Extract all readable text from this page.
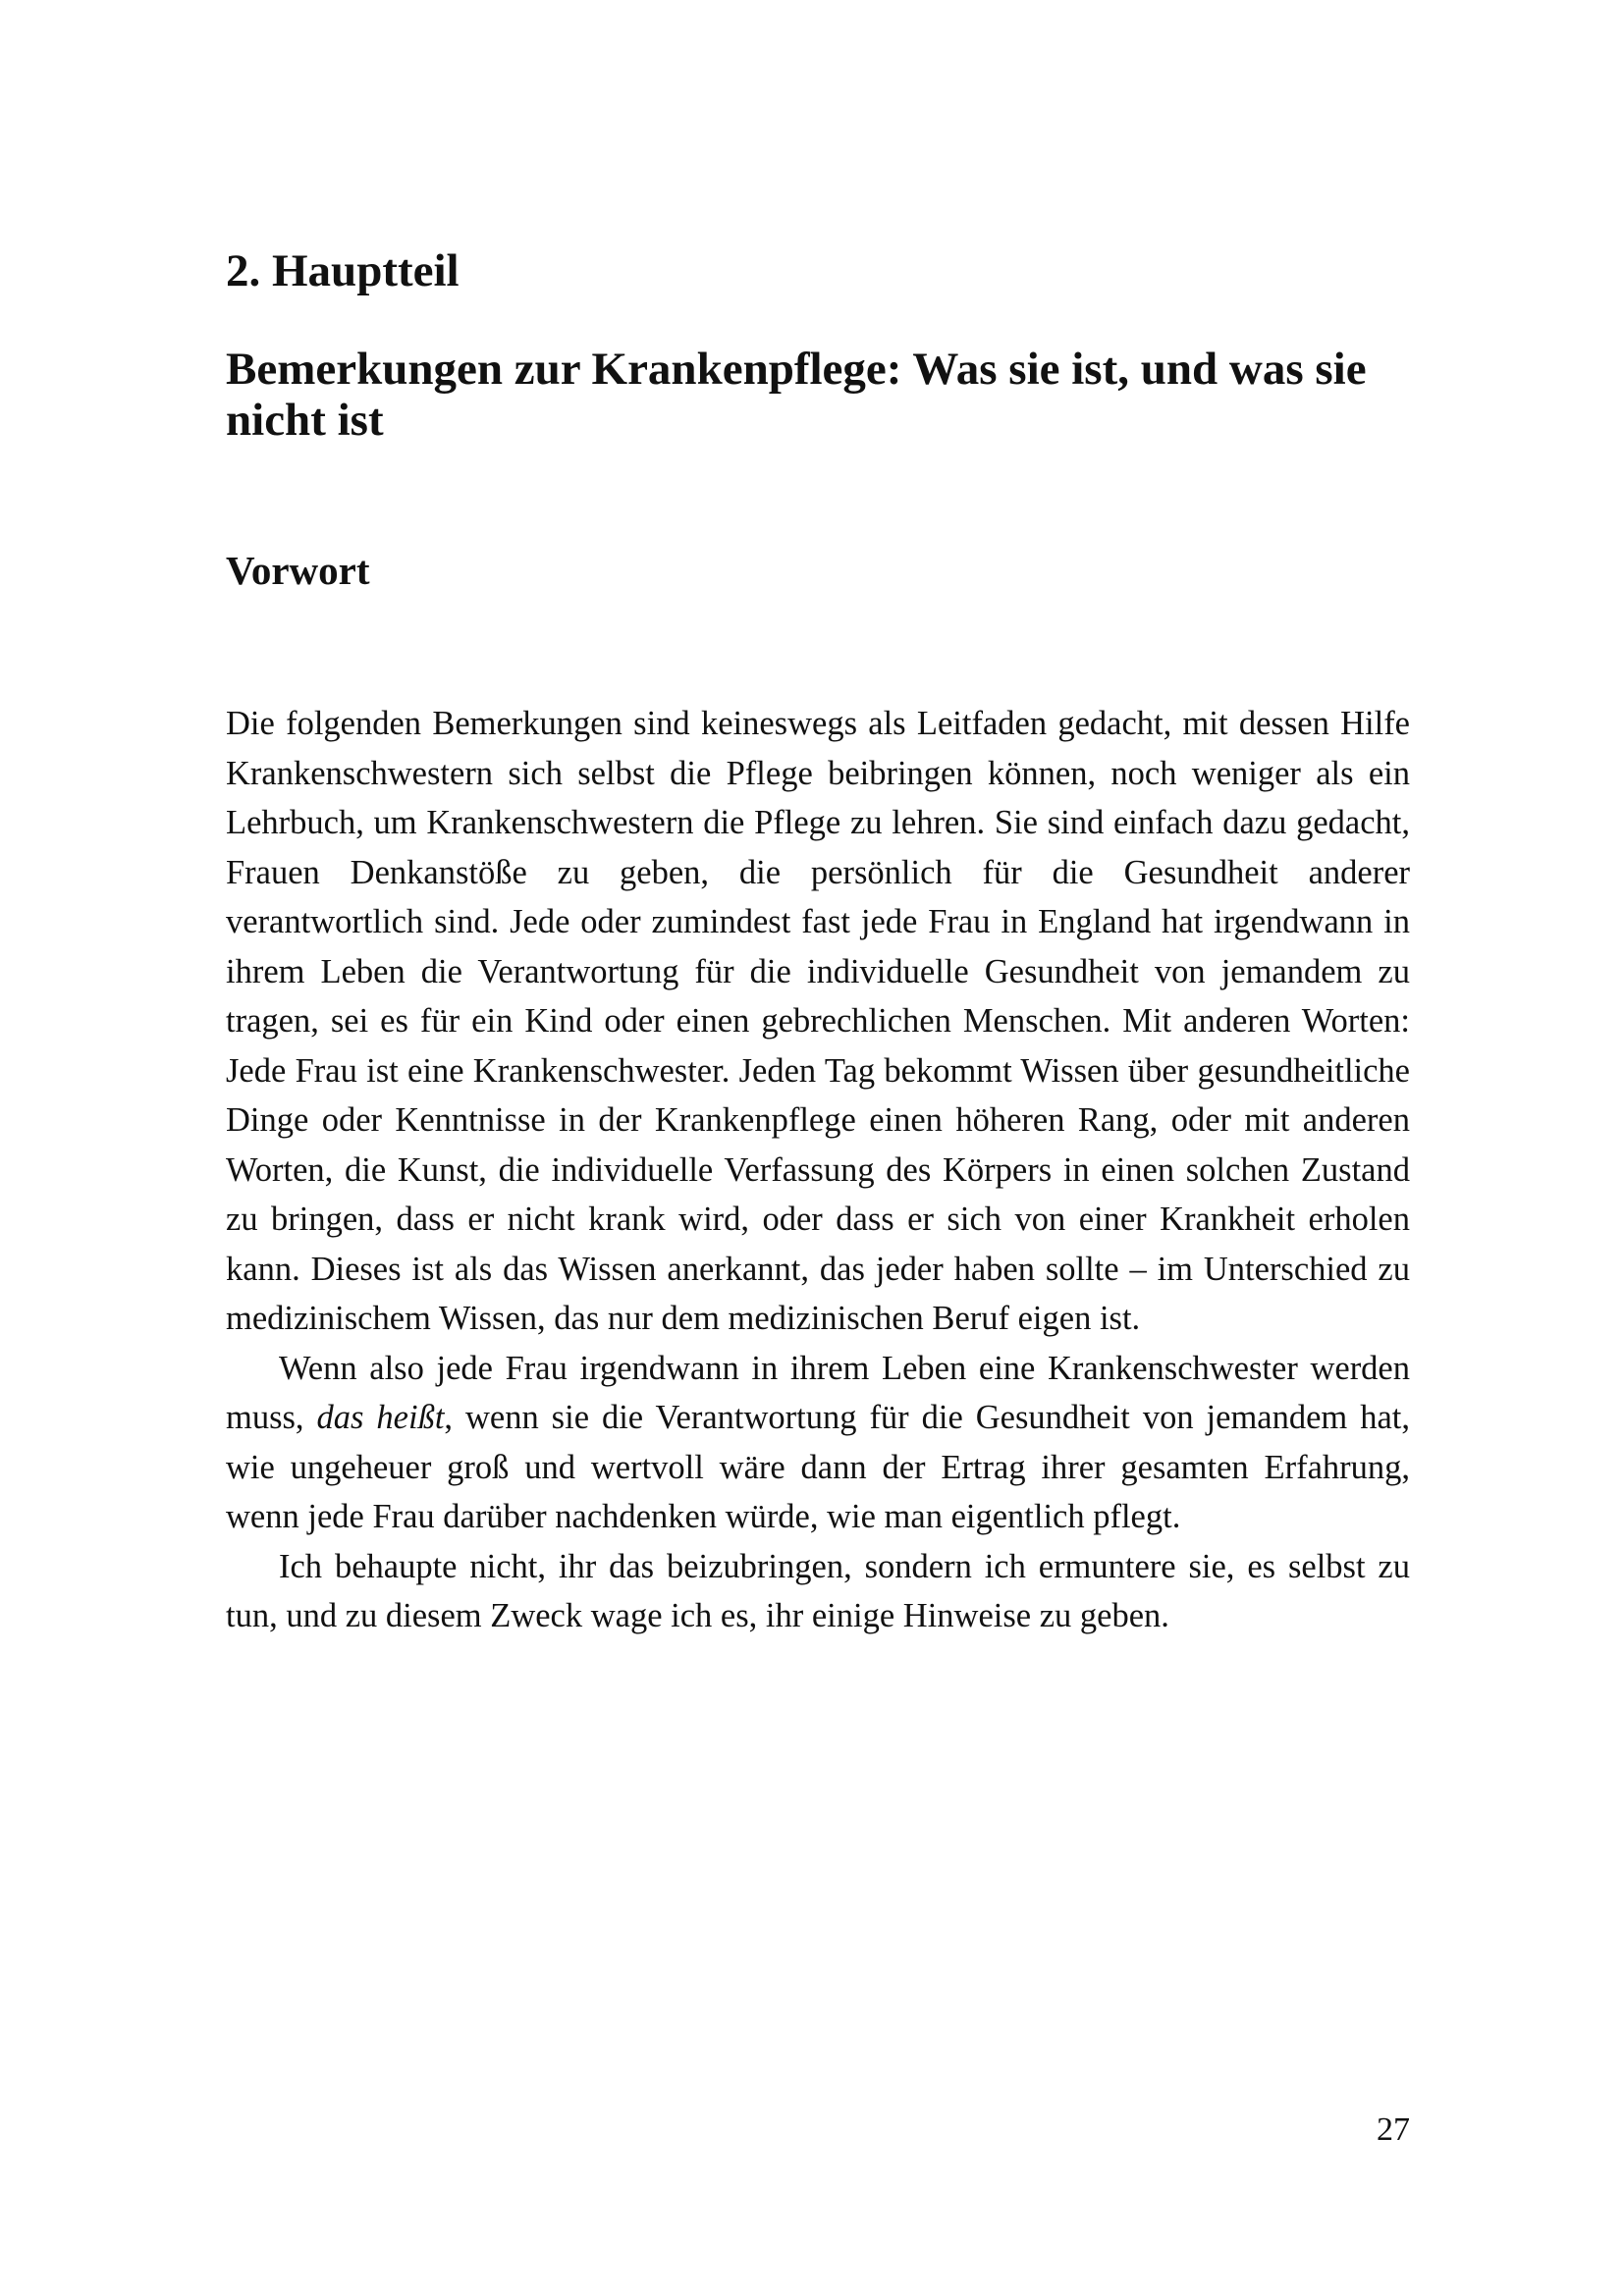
2. Hauptteil
Bemerkungen zur Krankenpflege: Was sie ist, und was sie nicht ist
Vorwort

Die folgenden Bemerkungen sind keineswegs als Leitfaden gedacht, mit dessen Hilfe Krankenschwestern sich selbst die Pflege beibringen können, noch weniger als ein Lehrbuch, um Krankenschwestern die Pflege zu lehren. Sie sind einfach dazu gedacht, Frauen Denkanstöße zu geben, die persönlich für die Gesundheit anderer verantwortlich sind. Jede oder zumindest fast jede Frau in England hat irgendwann in ihrem Leben die Verantwortung für die individuelle Gesundheit von jemandem zu tragen, sei es für ein Kind oder einen gebrechlichen Menschen. Mit anderen Worten: Jede Frau ist eine Krankenschwester. Jeden Tag bekommt Wissen über gesundheitliche Dinge oder Kenntnisse in der Krankenpflege einen höheren Rang, oder mit anderen Worten, die Kunst, die individuelle Verfassung des Körpers in einen solchen Zustand zu bringen, dass er nicht krank wird, oder dass er sich von einer Krankheit erholen kann. Dieses ist als das Wissen anerkannt, das jeder haben sollte – im Unterschied zu medizinischem Wissen, das nur dem medizinischen Beruf eigen ist.

Wenn also jede Frau irgendwann in ihrem Leben eine Krankenschwester werden muss, das heißt, wenn sie die Verantwortung für die Gesundheit von jemandem hat, wie ungeheuer groß und wertvoll wäre dann der Ertrag ihrer gesamten Erfahrung, wenn jede Frau darüber nachdenken würde, wie man eigentlich pflegt.

Ich behaupte nicht, ihr das beizubringen, sondern ich ermuntere sie, es selbst zu tun, und zu diesem Zweck wage ich es, ihr einige Hinweise zu geben.

27
